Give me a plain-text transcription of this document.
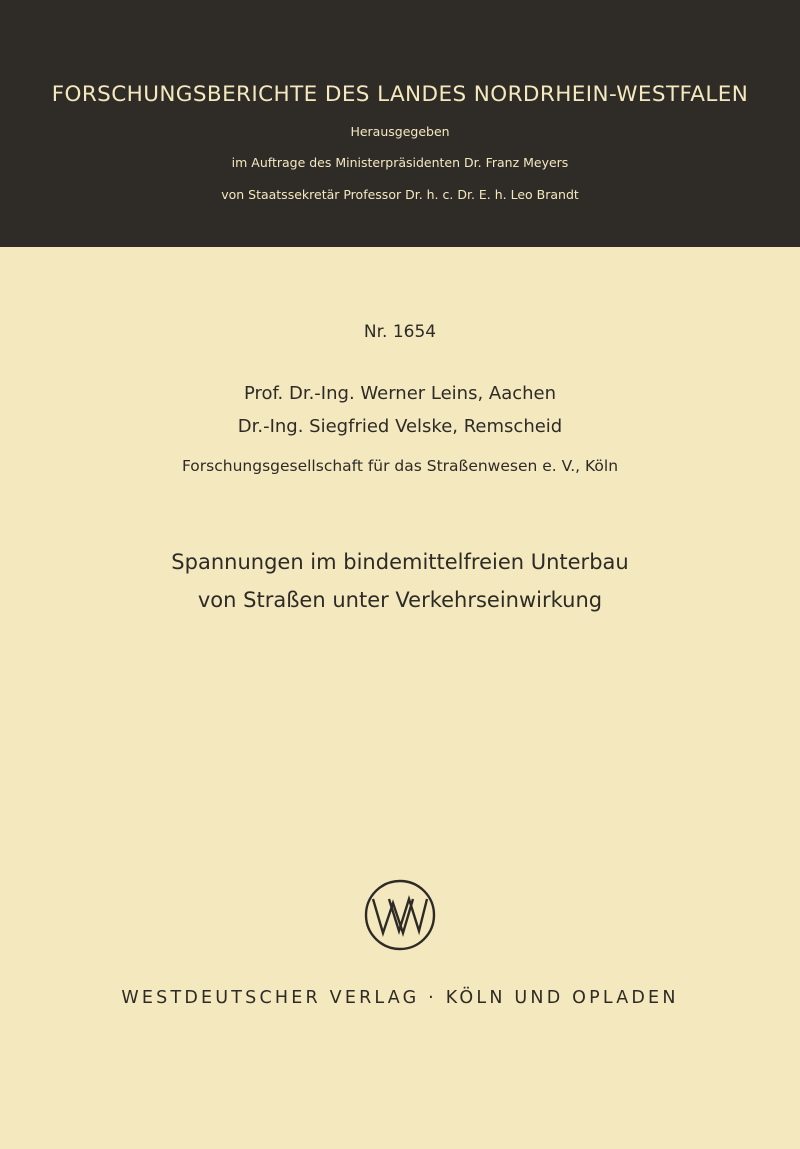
FORSCHUNGSBERICHTE DES LANDES NORDRHEIN-WESTFALEN
Herausgegeben
im Auftrage des Ministerpräsidenten Dr. Franz Meyers
von Staatssekretär Professor Dr. h. c. Dr. E. h. Leo Brandt
Nr. 1654
Prof. Dr.-Ing. Werner Leins, Aachen
Dr.-Ing. Siegfried Velske, Remscheid
Forschungsgesellschaft für das Straßenwesen e. V., Köln
Spannungen im bindemittelfreien Unterbau
von Straßen unter Verkehrseinwirkung
WESTDEUTSCHER VERLAG · KÖLN UND OPLADEN
